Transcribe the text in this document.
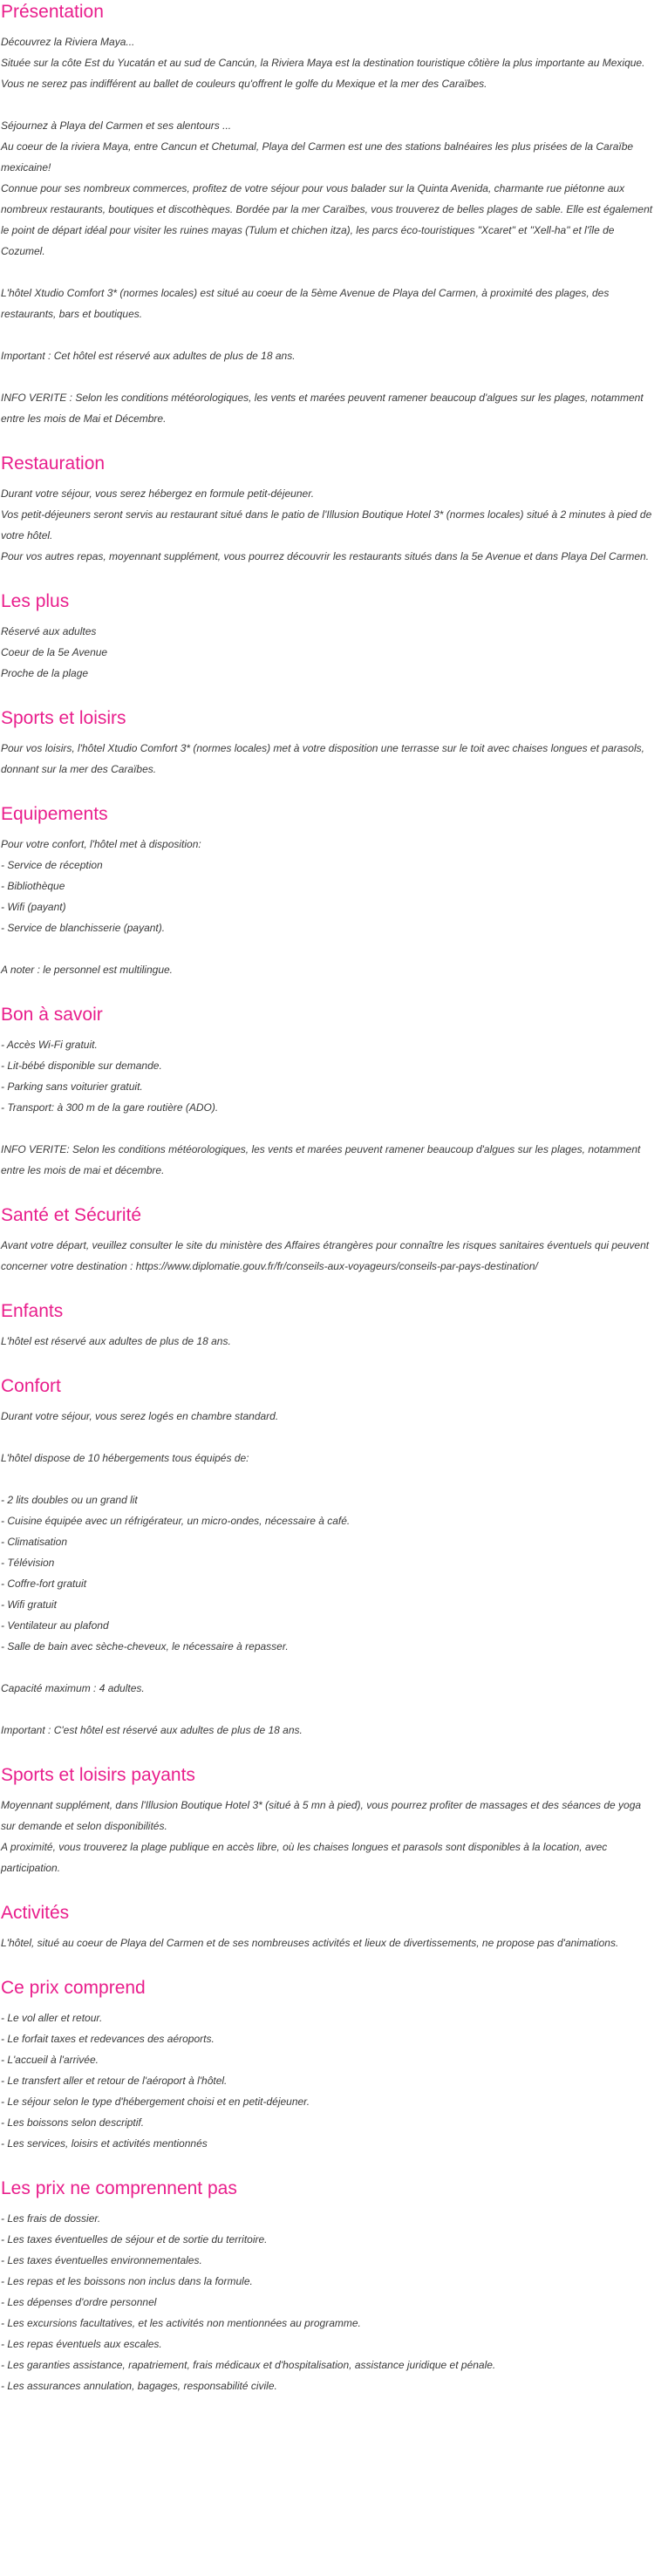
Présentation

Découvrez la Riviera Maya...

Située sur la côte Est du Yucatán et au sud de Cancún, la Riviera Maya est la destination touristique côtière la plus importante au Mexique. Vous ne serez pas indifférent au ballet de couleurs qu'offrent le golfe du Mexique et la mer des Caraïbes.

Séjournez à Playa del Carmen et ses alentours ...

Au coeur de la riviera Maya, entre Cancun et Chetumal, Playa del Carmen est une des stations balnéaires les plus prisées de la Caraïbe mexicaine!

Connue pour ses nombreux commerces, profitez de votre séjour pour vous balader sur la Quinta Avenida, charmante rue piétonne aux nombreux restaurants, boutiques et discothèques. Bordée par la mer Caraïbes, vous trouverez de belles plages de sable. Elle est également le point de départ idéal pour visiter les ruines mayas (Tulum et chichen itza), les parcs éco-touristiques "Xcaret" et "Xell-ha" et l'île de Cozumel.

L'hôtel Xtudio Comfort 3* (normes locales) est situé au coeur de la 5ème Avenue de Playa del Carmen, à proximité des plages, des restaurants, bars et boutiques.

Important : Cet hôtel est réservé aux adultes de plus de 18 ans.

INFO VERITE : Selon les conditions météorologiques, les vents et marées peuvent ramener beaucoup d'algues sur les plages, notamment entre les mois de Mai et Décembre.

Restauration

Durant votre séjour, vous serez hébergez en formule petit-déjeuner.

Vos petit-déjeuners seront servis au restaurant situé dans le patio de l'Illusion Boutique Hotel 3* (normes locales) situé à 2 minutes à pied de votre hôtel.

Pour vos autres repas, moyennant supplément, vous pourrez découvrir les restaurants situés dans la 5e Avenue et dans Playa Del Carmen.

Les plus

Réservé aux adultes

Coeur de la 5e Avenue

Proche de la plage

Sports et loisirs

Pour vos loisirs, l'hôtel Xtudio Comfort 3* (normes locales) met à votre disposition une terrasse sur le toit avec chaises longues et parasols, donnant sur la mer des Caraïbes.

Equipements

Pour votre confort, l'hôtel met à disposition:

- Service de réception

- Bibliothèque

- Wifi (payant)

- Service de blanchisserie (payant).

A noter : le personnel est multilingue.

Bon à savoir

- Accès Wi-Fi gratuit.

- Lit-bébé disponible sur demande.

- Parking sans voiturier gratuit.

- Transport: à 300 m de la gare routière (ADO).

INFO VERITE: Selon les conditions météorologiques, les vents et marées peuvent ramener beaucoup d'algues sur les plages, notamment entre les mois de mai et décembre.

Santé et Sécurité

Avant votre départ, veuillez consulter le site du ministère des Affaires étrangères pour connaître les risques sanitaires éventuels qui peuvent concerner votre destination : https://www.diplomatie.gouv.fr/fr/conseils-aux-voyageurs/conseils-par-pays-destination/

Enfants

L'hôtel est réservé aux adultes de plus de 18 ans.

Confort

Durant votre séjour, vous serez logés en chambre standard.

L'hôtel dispose de 10 hébergements tous équipés de:

- 2 lits doubles ou un grand lit

- Cuisine équipée avec un réfrigérateur, un micro-ondes, nécessaire à café.

- Climatisation

- Télévision

- Coffre-fort gratuit

- Wifi gratuit

- Ventilateur au plafond

- Salle de bain avec sèche-cheveux, le nécessaire à repasser.

Capacité maximum : 4 adultes.

Important : C'est hôtel est réservé aux adultes de plus de 18 ans.

Sports et loisirs payants

Moyennant supplément, dans l'Illusion Boutique Hotel 3* (situé à 5 mn à pied), vous pourrez profiter de massages et des séances de yoga sur demande et selon disponibilités.

A proximité, vous trouverez la plage publique en accès libre, où les chaises longues et parasols sont disponibles à la location, avec participation.

Activités

L'hôtel, situé au coeur de Playa del Carmen et de ses nombreuses activités et lieux de divertissements, ne propose pas d'animations.

Ce prix comprend

- Le vol aller et retour.

- Le forfait taxes et redevances des aéroports.

- L'accueil à l'arrivée.

- Le transfert aller et retour de l'aéroport à l'hôtel.

- Le séjour selon le type d'hébergement choisi et en petit-déjeuner.

- Les boissons selon descriptif.

- Les services, loisirs et activités mentionnés

Les prix ne comprennent pas

- Les frais de dossier.

- Les taxes éventuelles de séjour et de sortie du territoire.

- Les taxes éventuelles environnementales.

- Les repas et les boissons non inclus dans la formule.

- Les dépenses d'ordre personnel

- Les excursions facultatives, et les activités non mentionnées au programme.

- Les repas éventuels aux escales.

- Les garanties assistance, rapatriement, frais médicaux et d'hospitalisation, assistance juridique et pénale.

- Les assurances annulation, bagages, responsabilité civile.
